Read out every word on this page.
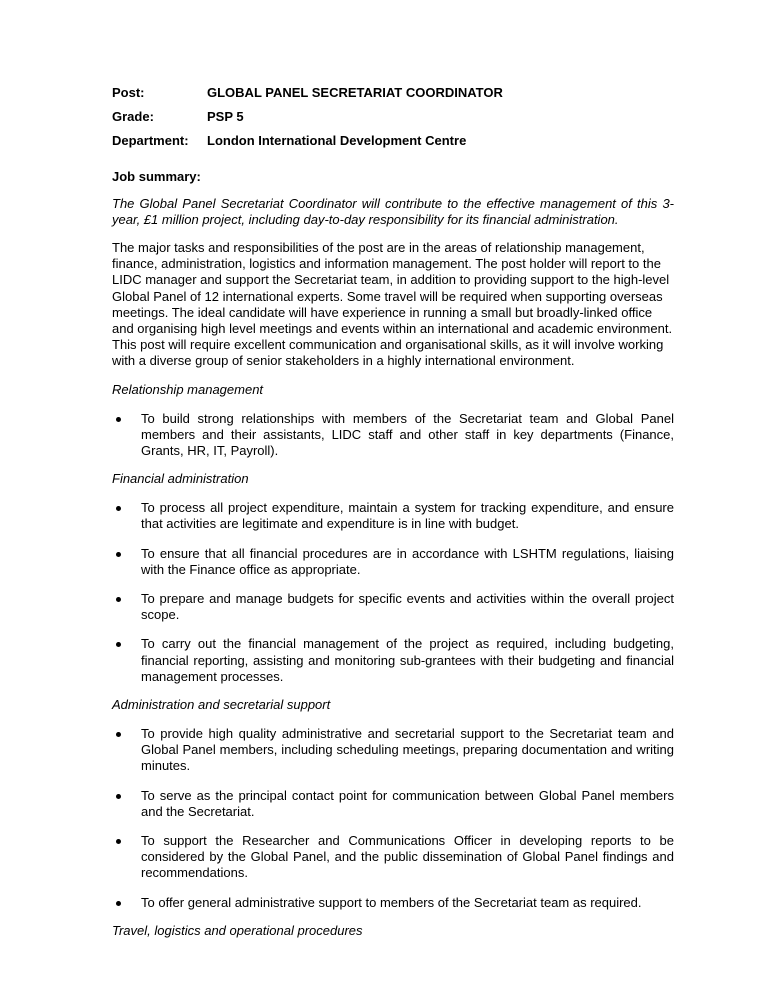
Post:	GLOBAL PANEL SECRETARIAT COORDINATOR
Grade:	PSP 5
Department:	London International Development Centre
Job summary:
The Global Panel Secretariat Coordinator will contribute to the effective management of this 3-year, £1 million project, including day-to-day responsibility for its financial administration.
The major tasks and responsibilities of the post are in the areas of relationship management, finance, administration, logistics and information management. The post holder will report to the LIDC manager and support the Secretariat team, in addition to providing support to the high-level Global Panel of 12 international experts. Some travel will be required when supporting overseas meetings. The ideal candidate will have experience in running a small but broadly-linked office and organising high level meetings and events within an international and academic environment. This post will require excellent communication and organisational skills, as it will involve working with a diverse group of senior stakeholders in a highly international environment.
Relationship management
To build strong relationships with members of the Secretariat team and Global Panel members and their assistants, LIDC staff and other staff in key departments (Finance, Grants, HR, IT, Payroll).
Financial administration
To process all project expenditure, maintain a system for tracking expenditure, and ensure that activities are legitimate and expenditure is in line with budget.
To ensure that all financial procedures are in accordance with LSHTM regulations, liaising with the Finance office as appropriate.
To prepare and manage budgets for specific events and activities within the overall project scope.
To carry out the financial management of the project as required, including budgeting, financial reporting, assisting and monitoring sub-grantees with their budgeting and financial management processes.
Administration and secretarial support
To provide high quality administrative and secretarial support to the Secretariat team and Global Panel members, including scheduling meetings, preparing documentation and writing minutes.
To serve as the principal contact point for communication between Global Panel members and the Secretariat.
To support the Researcher and Communications Officer in developing reports to be considered by the Global Panel, and the public dissemination of Global Panel findings and recommendations.
To offer general administrative support to members of the Secretariat team as required.
Travel, logistics and operational procedures
